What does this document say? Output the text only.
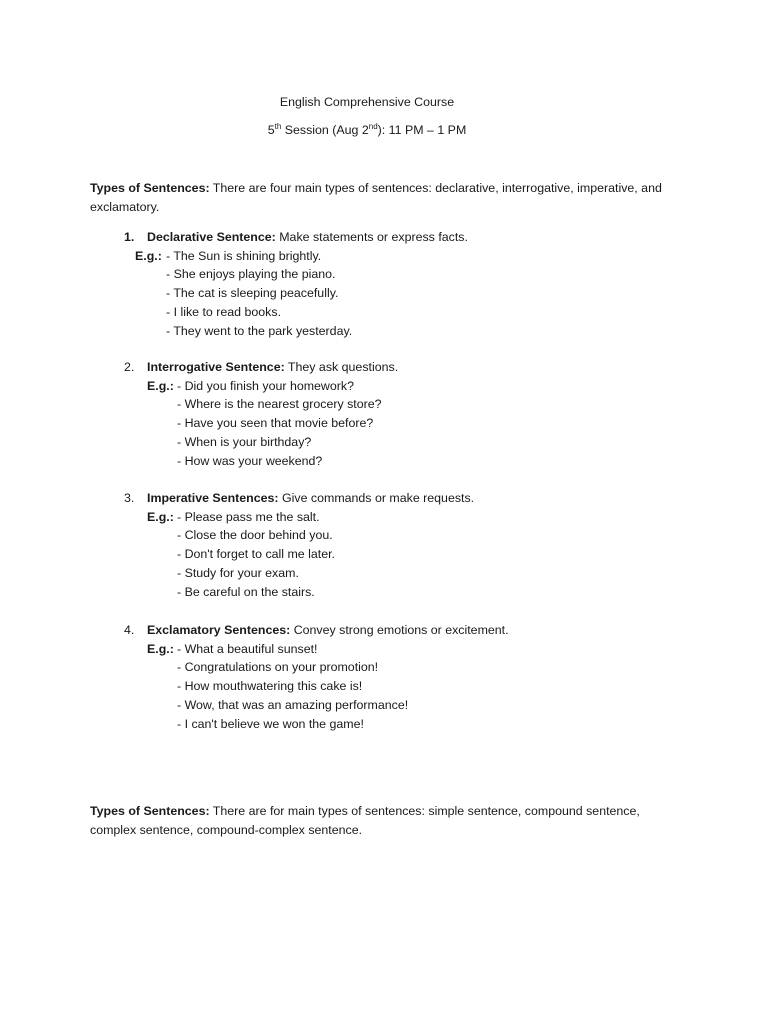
English Comprehensive Course
5th Session (Aug 2nd): 11 PM – 1 PM
Types of Sentences: There are four main types of sentences: declarative, interrogative, imperative, and exclamatory.
1. Declarative Sentence: Make statements or express facts.
E.g.: - The Sun is shining brightly.
- She enjoys playing the piano.
- The cat is sleeping peacefully.
- I like to read books.
- They went to the park yesterday.
2. Interrogative Sentence: They ask questions.
E.g.: - Did you finish your homework?
- Where is the nearest grocery store?
- Have you seen that movie before?
- When is your birthday?
- How was your weekend?
3. Imperative Sentences: Give commands or make requests.
E.g.: - Please pass me the salt.
- Close the door behind you.
- Don't forget to call me later.
- Study for your exam.
- Be careful on the stairs.
4. Exclamatory Sentences: Convey strong emotions or excitement.
E.g.: - What a beautiful sunset!
- Congratulations on your promotion!
- How mouthwatering this cake is!
- Wow, that was an amazing performance!
- I can't believe we won the game!
Types of Sentences: There are for main types of sentences: simple sentence, compound sentence, complex sentence, compound-complex sentence.
